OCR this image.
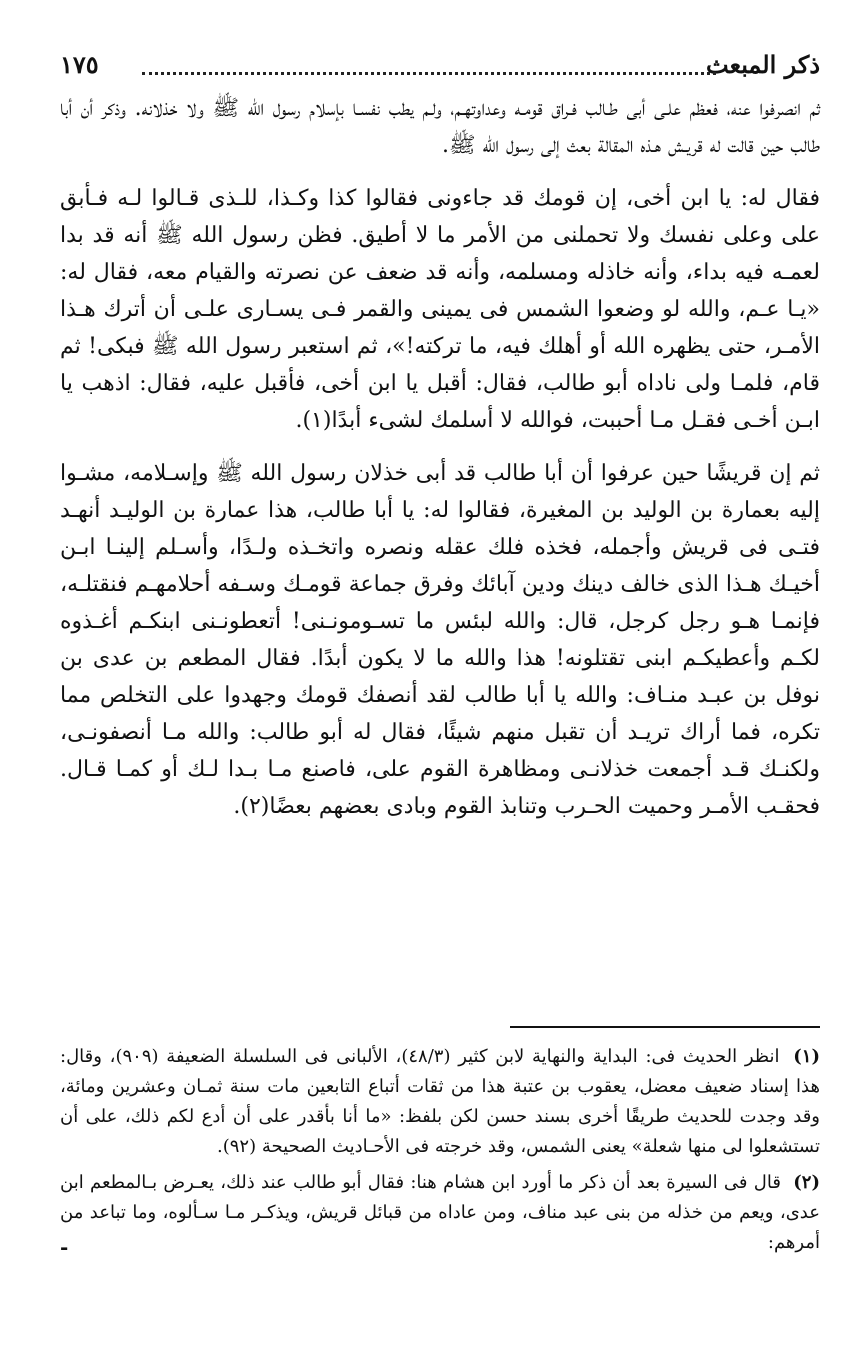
ذكر المبعث
١٧٥

ثم انصرفوا عنه، فعظم علـى أبى طـالب فـراق قومـه وعداوتهـم، ولـم يطب نفسـا بإسلام رسول الله ﷺ ولا خذلانه. وذكر أن أبا طالب حين قالت له قريـش هـذه المقالة بعث إلى رسول الله ﷺ.

فقال له: يا ابن أخى، إن قومك قد جاءونى فقالوا كذا وكـذا، للـذى قـالوا لـه فـأبق على وعلى نفسك ولا تحملنى من الأمر ما لا أطيق. فظن رسول الله ﷺ أنه قد بدا لعمـه فيه بداء، وأنه خاذله ومسلمه، وأنه قد ضعف عن نصرته والقيام معه، فقال له: «يـا عـم، والله لو وضعوا الشمس فى يمينى والقمر فـى يسـارى علـى أن أترك هـذا الأمـر، حتى يظهره الله أو أهلك فيه، ما تركته!»، ثم استعبر رسول الله ﷺ فبكى! ثم قام، فلمـا ولى ناداه أبو طالب، فقال: أقبل يا ابن أخى، فأقبل عليه، فقال: اذهب يا ابـن أخـى فقـل مـا أحببت، فوالله لا أسلمك لشىء أبدًا(١).

ثم إن قريشًا حين عرفوا أن أبا طالب قد أبى خذلان رسول الله ﷺ وإسـلامه، مشـوا إليه بعمارة بن الوليد بن المغيرة، فقالوا له: يا أبا طالب، هذا عمارة بن الوليـد أنهـد فتـى فى قريش وأجمله، فخذه فلك عقله ونصره واتخـذه ولـدًا، وأسـلم إلينـا ابـن أخيـك هـذا الذى خالف دينك ودين آبائك وفرق جماعة قومـك وسـفه أحلامهـم فنقتلـه، فإنمـا هـو رجل كرجل، قال: والله لبئس ما تسـومونـنى! أتعطونـنى ابنكـم أغـذوه لكـم وأعطيكـم ابنى تقتلونه! هذا والله ما لا يكون أبدًا. فقال المطعم بن عدى بن نوفل بن عبـد منـاف: والله يا أبا طالب لقد أنصفك قومك وجهدوا على التخلص مما تكره، فما أراك تريـد أن تقبل منهم شيئًا، فقال له أبو طالب: والله مـا أنصفونـى، ولكنـك قـد أجمعت خذلانـى ومظاهرة القوم على، فاصنع مـا بـدا لـك أو كمـا قـال. فحقـب الأمـر وحميت الحـرب وتنابذ القوم وبادى بعضهم بعضًا(٢).

(١) انظر الحديث فى: البداية والنهاية لابن كثير (٤٨/٣)، الألبانى فى السلسلة الضعيفة (٩٠٩)، وقال: هذا إسناد ضعيف معضل، يعقوب بن عتبة هذا من ثقات أتباع التابعين مات سنة ثمـان وعشرين ومائة، وقد وجدت للحديث طريقًا أخرى بسند حسن لكن بلفظ: «ما أنا بأقدر على أن أدع لكم ذلك، على أن تستشعلوا لى منها شعلة» يعنى الشمس، وقد خرجته فى الأحـاديث الصحيحة (٩٢).

(٢) قال فى السيرة بعد أن ذكر ما أورد ابن هشام هنا: فقال أبو طالب عند ذلك، يعـرض بـالمطعم ابن عدى، ويعم من خذله من بنى عبد مناف، ومن عاداه من قبائل قريش، ويذكـر مـا سـألوه، وما تباعد من أمرهم:
-
